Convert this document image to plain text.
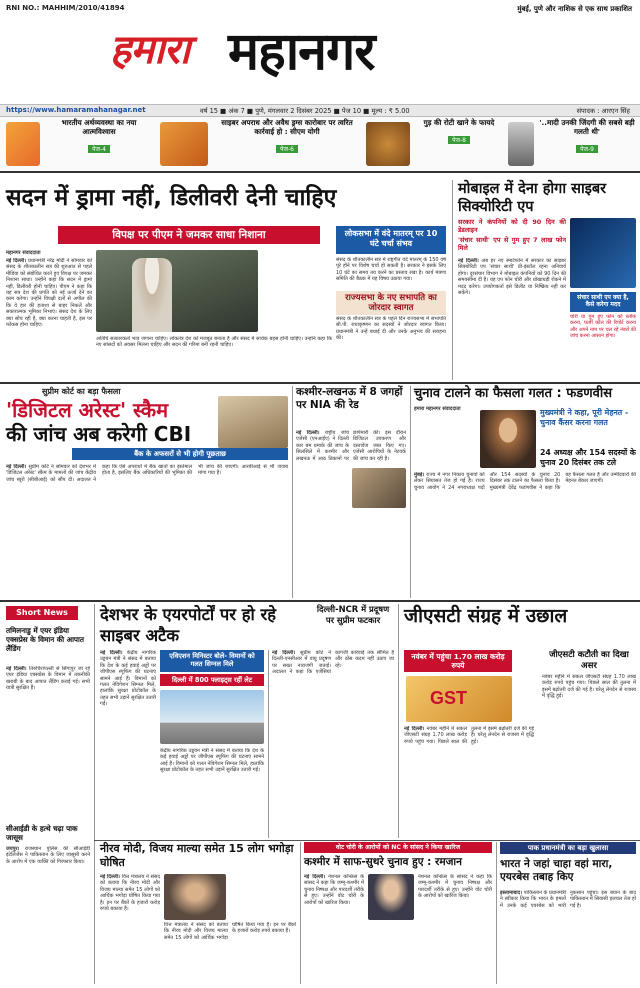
RNI NO.: MAHHIM/2010/41894	मुंबई, पुणे और नाशिक से एक साथ प्रकाशित
हमारा महानगर
https://www.hamaramahanagar.net	वर्ष 15 ■ अंक 7 ■ पुणे, मंगलवार 2 दिसंबर 2025 ■ पेज 10 ■ मूल्य : ₹ 5.00	संपादक : आरएन सिंह
भारतीय अर्थव्यवस्था का नया आत्मविश्वास
पेज-4
साइबर अपराध और अवैध ड्रग्स कारोबार पर त्वरित कार्रवाई हो : सीएम योगी
पेज-6
गुड़ की रोटी खाने के फायदे
पेज-8
'..मादी उनकी जिंदगी की सबसे बड़ी गलती थी'
पेज-9
सदन में ड्रामा नहीं, डिलीवरी देनी चाहिए
विपक्ष पर पीएम ने जमकर साधा निशाना
महानगर संवाददाता
नई दिल्ली। प्रधानमंत्री नरेंद्र मोदी ने सोमवार को संसद के शीतकालीन सत्र की शुरुआत से पहले मीडिया को संबोधित करते हुए विपक्ष पर जमकर निशाना साधा। उन्होंने कहा कि सदन में ड्रामा नहीं, डिलीवरी होनी चाहिए। पीएम ने कहा कि यह सत्र देश की प्रगति को नई ऊर्जा देने का काम करेगा। उन्होंने विपक्षी दलों से अपील की कि वे हार की हताशा से बाहर निकलें और सकारात्मक भूमिका निभाएं। संसद देश के लिए क्या सोच रही है, क्या करना चाहती है, इस पर फोकस होना चाहिए।
अतिथि सत्कारकर्ता भाव जगाना चाहिए। लोकतंत्र देश को मजबूत बनाता है और संसद में सार्थक बहस होनी चाहिए। उन्होंने कहा कि नए सांसदों को अवसर मिलना चाहिए और सदन की गरिमा बनी रहनी चाहिए।
लोकसभा में वंदे मातरम् पर 10 घंटे चर्चा संभव
संसद के शीतकालीन सत्र में राष्ट्रगीत वंदे मातरम् के 150 वर्ष पूरे होने पर विशेष चर्चा हो सकती है। सरकार ने इसके लिए 10 घंटे का समय तय करने का प्रस्ताव रखा है। कार्य मंत्रणा समिति की बैठक में यह विषय उठाया गया।
राज्यसभा के नए सभापति का जोरदार स्वागत
संसद के शीतकालीन सत्र के पहले दिन राज्यसभा में सभापति सी.पी. राधाकृष्णन का सदस्यों ने जोरदार स्वागत किया। प्रधानमंत्री ने उन्हें बधाई दी और उनके अनुभव की सराहना की।
मोबाइल में देना होगा साइबर सिक्योरिटी एप
सरकार ने कंपनियों को दी 90 दिन की डेडलाइन
'संचार साथी' एप से गुम हुए 7 लाख फोन मिले
नई दिल्ली। अब हर नए स्मार्टफोन में सरकार का साइबर सिक्योरिटी एप 'संचार साथी' प्री-इंस्टॉल रहना अनिवार्य होगा। दूरसंचार विभाग ने मोबाइल कंपनियों को 90 दिन की समयसीमा दी है। यह एप फोन चोरी और धोखाधड़ी रोकने में मदद करेगा। उपयोगकर्ता इसे डिलीट या निष्क्रिय नहीं कर सकेंगे।
संचार साथी एप क्या है, कैसे करेगा मदद
चोरी या गुम हुए फोन को ब्लॉक करना, फर्जी कॉल की रिपोर्ट करना और अपने नाम पर चल रहे नंबरों की जांच करना आसान होगा।
सुप्रीम कोर्ट का बड़ा फैसला
'डिजिटल अरेस्ट' स्कैम
की जांच अब करेगी CBI
बैंक के अफसरों से भी होगी पूछताछ
नई दिल्ली। सुप्रीम कोर्ट ने सोमवार को देशभर में 'डिजिटल अरेस्ट' स्कैम के मामलों की जांच केंद्रीय जांच ब्यूरो (सीबीआई) को सौंप दी। अदालत ने कहा कि ऐसे अपराधों में बैंक खातों का इस्तेमाल होता है, इसलिए बैंक अधिकारियों की भूमिका की भी जांच की जाएगी। आरबीआई से भी जवाब मांगा गया है।
कश्मीर-लखनऊ में 8 जगहों पर NIA की रेड
नई दिल्ली। राष्ट्रीय जांच एजेंसी (एनआईए) ने दिल्ली कार बम धमाके की जांच के सिलसिले में कश्मीर और लखनऊ में आठ ठिकानों पर छापेमारी की। इस दौरान डिजिटल उपकरण और दस्तावेज जब्त किए गए। एजेंसी आरोपियों के नेटवर्क की जांच कर रही है।
चुनाव टालने का फैसला गलत : फडणवीस
हमारा महानगर संवाददाता	मुख्यमंत्री ने कहा, पूरी मेहनत - चुनाव कैंसर करना गलत
24 अध्यक्ष और 154 सदस्यों के चुनाव 20 दिसंबर तक टले
मुंबई। राज्य में नगर निकाय चुनावों को लेकर सियासत तेज हो गई है। राज्य चुनाव आयोग ने 24 नगराध्यक्ष पदों और 154 सदस्यों के चुनाव 20 दिसंबर तक टालने का फैसला किया है। मुख्यमंत्री देवेंद्र फडणवीस ने कहा कि यह फैसला गलत है और उम्मीदवारों की मेहनत बेकार जाएगी।
Short News
तमिलनाडु में एयर इंडिया एक्सप्रेस के विमान की आपात लैंडिंग
नई दिल्ली। तिरुचिरापल्ली से सिंगापुर जा रहे एयर इंडिया एक्सप्रेस के विमान में तकनीकी खराबी के बाद आपात लैंडिंग कराई गई। सभी यात्री सुरक्षित हैं।
सीआईडी के हत्थे चढ़ा पाक जासूस
जयपुर। राजस्थान पुलिस की सीआईडी इंटेलिजेंस ने पाकिस्तान के लिए जासूसी करने के आरोप में एक व्यक्ति को गिरफ्तार किया।
देशभर के एयरपोर्टों पर हो रहे साइबर अटैक
एविएशन मिनिस्टर बोले- विमानों को गलत सिग्नल मिले
दिल्ली में 800 फ्लाइट्स रहीं लेट
नई दिल्ली। केंद्रीय नागरिक उड्डयन मंत्री ने संसद में बताया कि देश के कई हवाई अड्डों पर जीपीएस स्पूफिंग की घटनाएं सामने आई हैं। विमानों को गलत नेविगेशन सिग्नल मिले, हालांकि सुरक्षा प्रोटोकॉल के तहत सभी उड़ानें सुरक्षित उतारी गईं।
केंद्रीय नागरिक उड्डयन मंत्री ने संसद में बताया कि देश के कई हवाई अड्डों पर जीपीएस स्पूफिंग की घटनाएं सामने आई हैं। विमानों को गलत नेविगेशन सिग्नल मिले, हालांकि सुरक्षा प्रोटोकॉल के तहत सभी उड़ानें सुरक्षित उतारी गईं।
दिल्ली-NCR में प्रदूषण पर सुप्रीम फटकार
नई दिल्ली। सुप्रीम कोर्ट ने दिल्ली-एनसीआर में वायु प्रदूषण पर सख्त नाराजगी जताई। अदालत ने कहा कि एजेंसियां कागजी कार्रवाई तक सीमित हैं और ठोस कदम नहीं उठाए जा रहे।
जीएसटी संग्रह में उछाल
नवंबर में पहुंचा 1.70 लाख करोड़ रुपये
GST
जीएसटी कटौती का दिखा असर
नई दिल्ली। नवंबर महीने में सकल जीएसटी संग्रह 1.70 लाख करोड़ रुपये पहुंच गया। पिछले साल की तुलना में इसमें बढ़ोतरी दर्ज की गई है। घरेलू लेनदेन से राजस्व में वृद्धि हुई।
नवंबर महीने में सकल जीएसटी संग्रह 1.70 लाख करोड़ रुपये पहुंच गया। पिछले साल की तुलना में इसमें बढ़ोतरी दर्ज की गई है। घरेलू लेनदेन से राजस्व में वृद्धि हुई।
नीरव मोदी, विजय माल्या समेत 15 लोग भगोड़ा घोषित
नई दिल्ली। वित्त मंत्रालय ने संसद को बताया कि नीरव मोदी और विजय माल्या समेत 15 लोगों को आर्थिक भगोड़ा घोषित किया गया है। इन पर बैंकों के हजारों करोड़ रुपये बकाया हैं।
वित्त मंत्रालय ने संसद को बताया कि नीरव मोदी और विजय माल्या समेत 15 लोगों को आर्थिक भगोड़ा घोषित किया गया है। इन पर बैंकों के हजारों करोड़ रुपये बकाया हैं।
वोट चोरी के आरोपों को NC के सांसद ने किया खारिज
कश्मीर में साफ-सुथरे चुनाव हुए : रमजान
नई दिल्ली। नेशनल कॉन्फ्रेंस के सांसद ने कहा कि जम्मू-कश्मीर में चुनाव निष्पक्ष और पारदर्शी तरीके से हुए। उन्होंने वोट चोरी के आरोपों को खारिज किया।
नेशनल कॉन्फ्रेंस के सांसद ने कहा कि जम्मू-कश्मीर में चुनाव निष्पक्ष और पारदर्शी तरीके से हुए। उन्होंने वोट चोरी के आरोपों को खारिज किया।
पाक प्रधानमंत्री का बड़ा खुलासा
भारत ने जहां चाहा वहां मारा, एयरबेस तबाह किए
इस्लामाबाद। पाकिस्तान के प्रधानमंत्री ने स्वीकार किया कि भारत के हमलों में उनके कई एयरबेस को भारी नुकसान पहुंचा। इस बयान के बाद पाकिस्तान में सियासी हलचल तेज हो गई है।
